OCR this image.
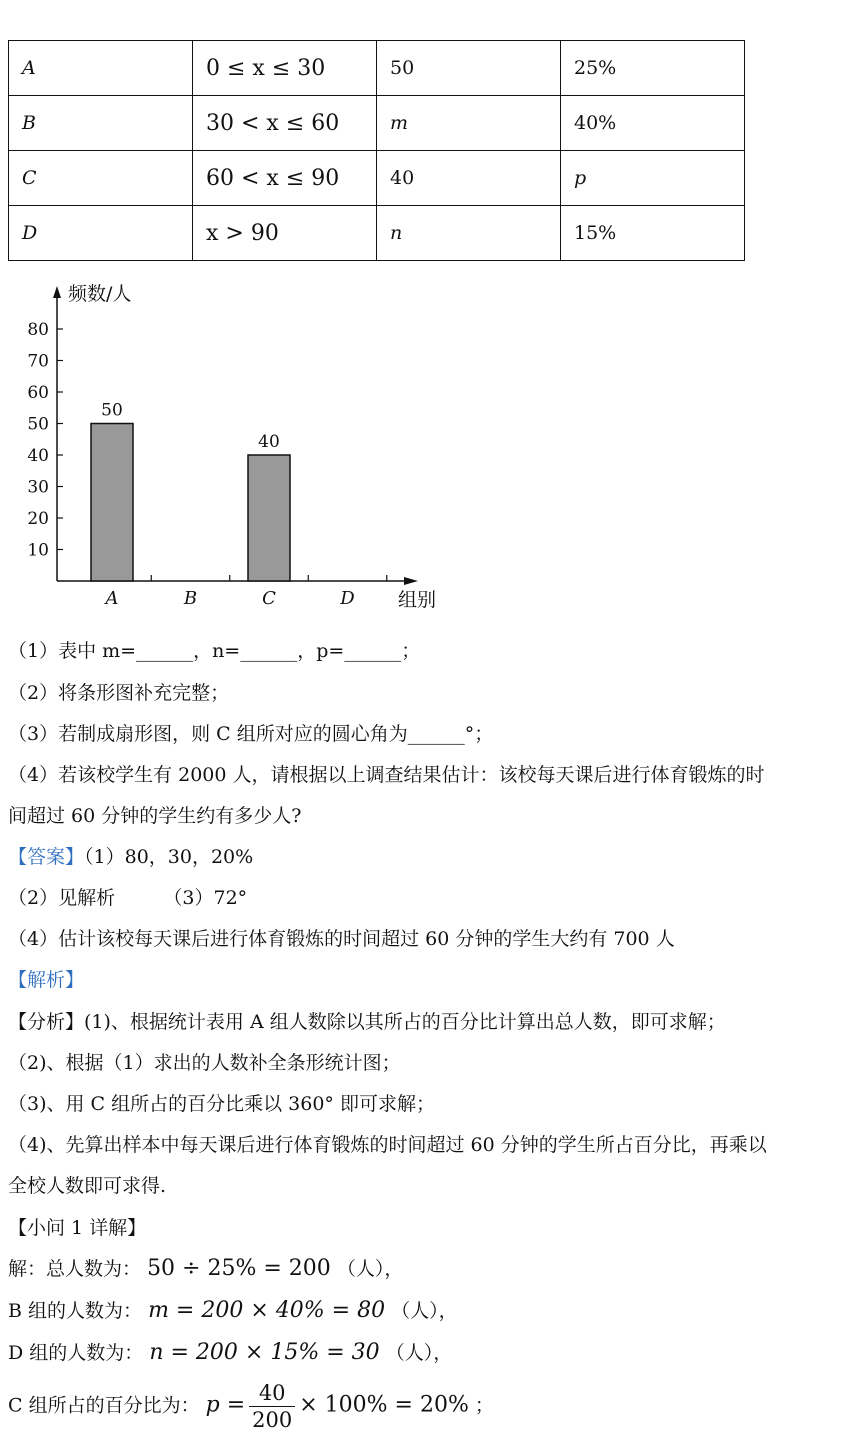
A	0 ≤ x ≤ 30	50	25%
B	30 < x ≤ 60	m	40%
C	60 < x ≤ 90	40	p
D	x > 90	n	15%
频数/人
组别
10
20
30
40
50
60
70
80
A
50
B	C
40
D
（1）表中 m=______，n=______，p=______；
（2）将条形图补充完整；
（3）若制成扇形图，则 C 组所对应的圆心角为______°；
（4）若该校学生有 2000 人，请根据以上调查结果估计：该校每天课后进行体育锻炼的时
间超过 60 分钟的学生约有多少人?
【答案】（1）80，30，20%
（2）见解析        （3）72°
（4）估计该校每天课后进行体育锻炼的时间超过 60 分钟的学生大约有 700 人
【解析】
【分析】(1)、根据统计表用 A 组人数除以其所占的百分比计算出总人数，即可求解；
（2)、根据（1）求出的人数补全条形统计图；
（3)、用 C 组所占的百分比乘以 360° 即可求解；
（4)、先算出样本中每天课后进行体育锻炼的时间超过 60 分钟的学生所占百分比，再乘以
全校人数即可求得.
【小问 1 详解】
解：总人数为： 50 ÷ 25% = 200 （人），
B 组的人数为： m = 200 × 40% = 80 （人），
D 组的人数为： n = 200 × 15% = 30 （人），
C 组所占的百分比为： $p = \frac{40}{200} \times 100\% = 20\%$ ；
